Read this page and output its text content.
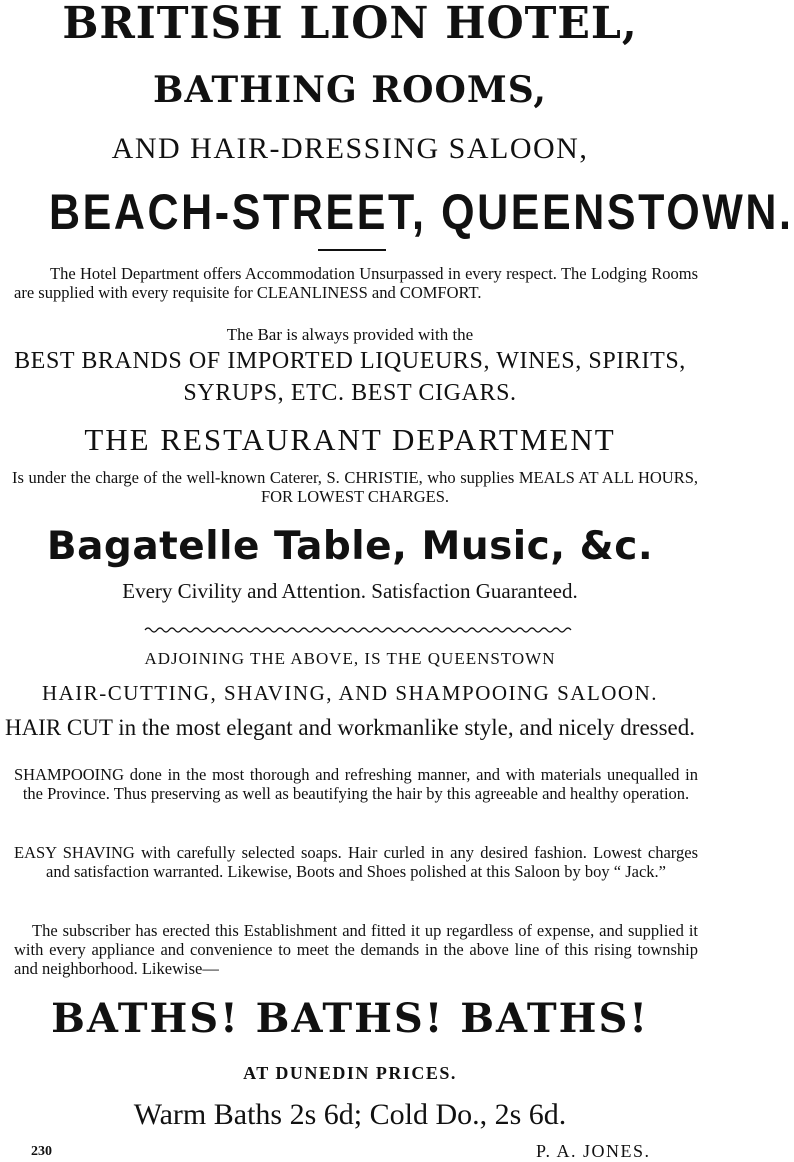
BRITISH LION HOTEL,
BATHING ROOMS,
AND HAIR-DRESSING SALOON,
BEACH-STREET, QUEENSTOWN.
The Hotel Department offers Accommodation Unsurpassed in every respect. The Lodging Rooms are supplied with every requisite for CLEANLINESS and COMFORT.
The Bar is always provided with the
BEST BRANDS OF IMPORTED LIQUEURS, WINES, SPIRITS,
SYRUPS, ETC. BEST CIGARS.
THE RESTAURANT DEPARTMENT
Is under the charge of the well-known Caterer, S. CHRISTIE, who supplies MEALS AT ALL HOURS, FOR LOWEST CHARGES.
Bagatelle Table, Music, &c.
Every Civility and Attention. Satisfaction Guaranteed.
ADJOINING THE ABOVE, IS THE QUEENSTOWN
HAIR-CUTTING, SHAVING, AND SHAMPOOING SALOON.
HAIR CUT in the most elegant and workmanlike style, and nicely dressed.
SHAMPOOING done in the most thorough and refreshing manner, and with materials unequalled in the Province. Thus preserving as well as beautifying the hair by this agreeable and healthy operation.
EASY SHAVING with carefully selected soaps. Hair curled in any desired fashion. Lowest charges and satisfaction warranted. Likewise, Boots and Shoes polished at this Saloon by boy “ Jack.”
The subscriber has erected this Establishment and fitted it up regardless of expense, and supplied it with every appliance and convenience to meet the demands in the above line of this rising township and neighborhood. Likewise—
BATHS! BATHS! BATHS!
AT DUNEDIN PRICES.
Warm Baths 2s 6d; Cold Do., 2s 6d.
230	P. A. JONES.
